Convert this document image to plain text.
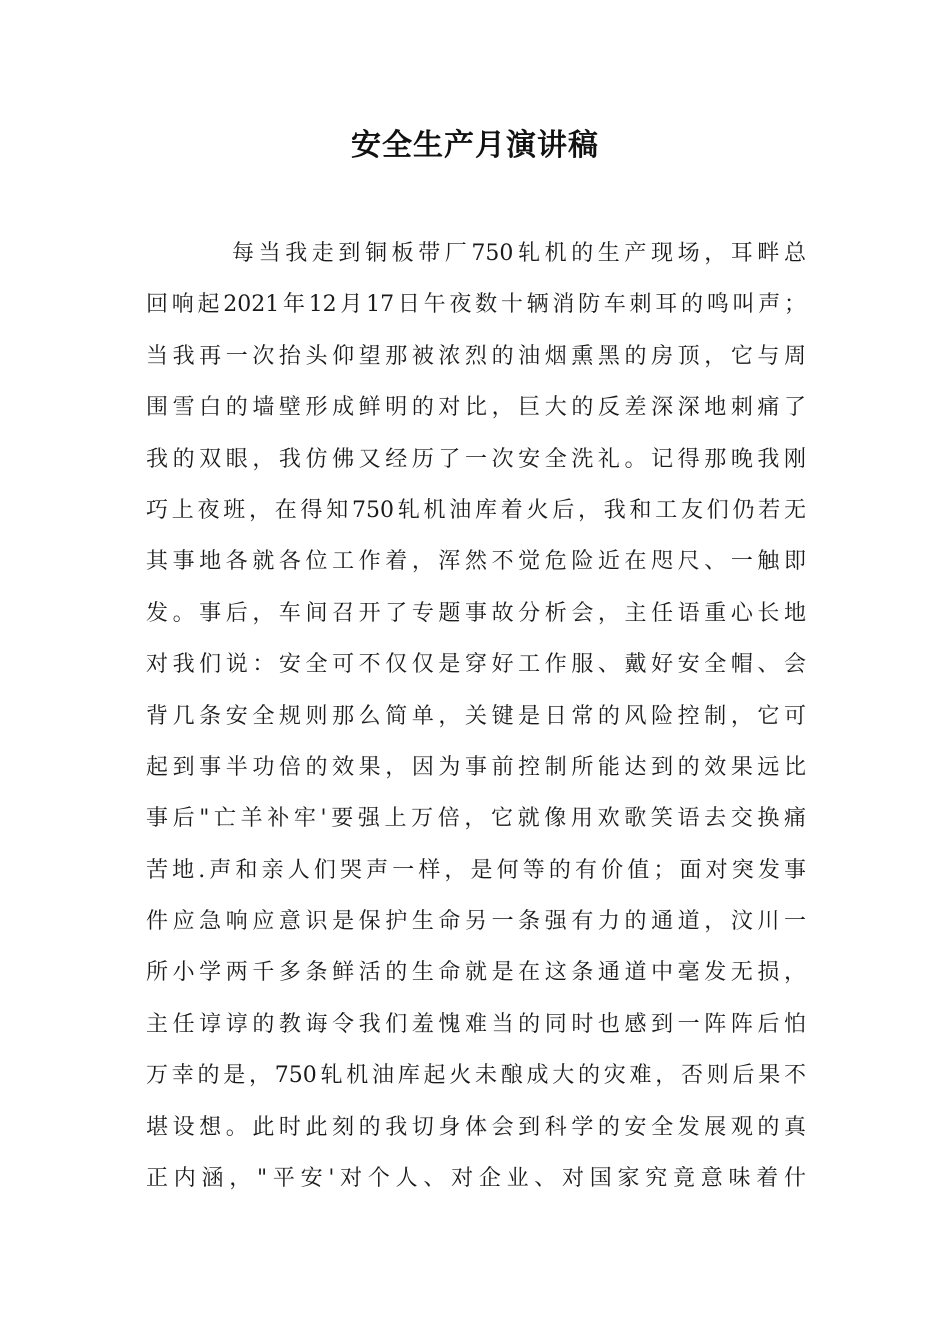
安全生产月演讲稿
每当我走到铜板带厂750轧机的生产现场，耳畔总
回响起2021年12月17日午夜数十辆消防车刺耳的鸣叫声；
当我再一次抬头仰望那被浓烈的油烟熏黑的房顶，它与周
围雪白的墙壁形成鲜明的对比，巨大的反差深深地刺痛了
我的双眼，我仿佛又经历了一次安全洗礼。记得那晚我刚
巧上夜班，在得知750轧机油库着火后，我和工友们仍若无
其事地各就各位工作着，浑然不觉危险近在咫尺、一触即
发。事后，车间召开了专题事故分析会，主任语重心长地
对我们说：安全可不仅仅是穿好工作服、戴好安全帽、会
背几条安全规则那么简单，关键是日常的风险控制，它可
起到事半功倍的效果，因为事前控制所能达到的效果远比
事后"亡羊补牢'要强上万倍，它就像用欢歌笑语去交换痛
苦地.声和亲人们哭声一样，是何等的有价值；面对突发事
件应急响应意识是保护生命另一条强有力的通道，汶川一
所小学两千多条鲜活的生命就是在这条通道中毫发无损，
主任谆谆的教诲令我们羞愧难当的同时也感到一阵阵后怕
万幸的是，750轧机油库起火未酿成大的灾难，否则后果不
堪设想。此时此刻的我切身体会到科学的安全发展观的真
正内涵，"平安'对个人、对企业、对国家究竟意味着什
